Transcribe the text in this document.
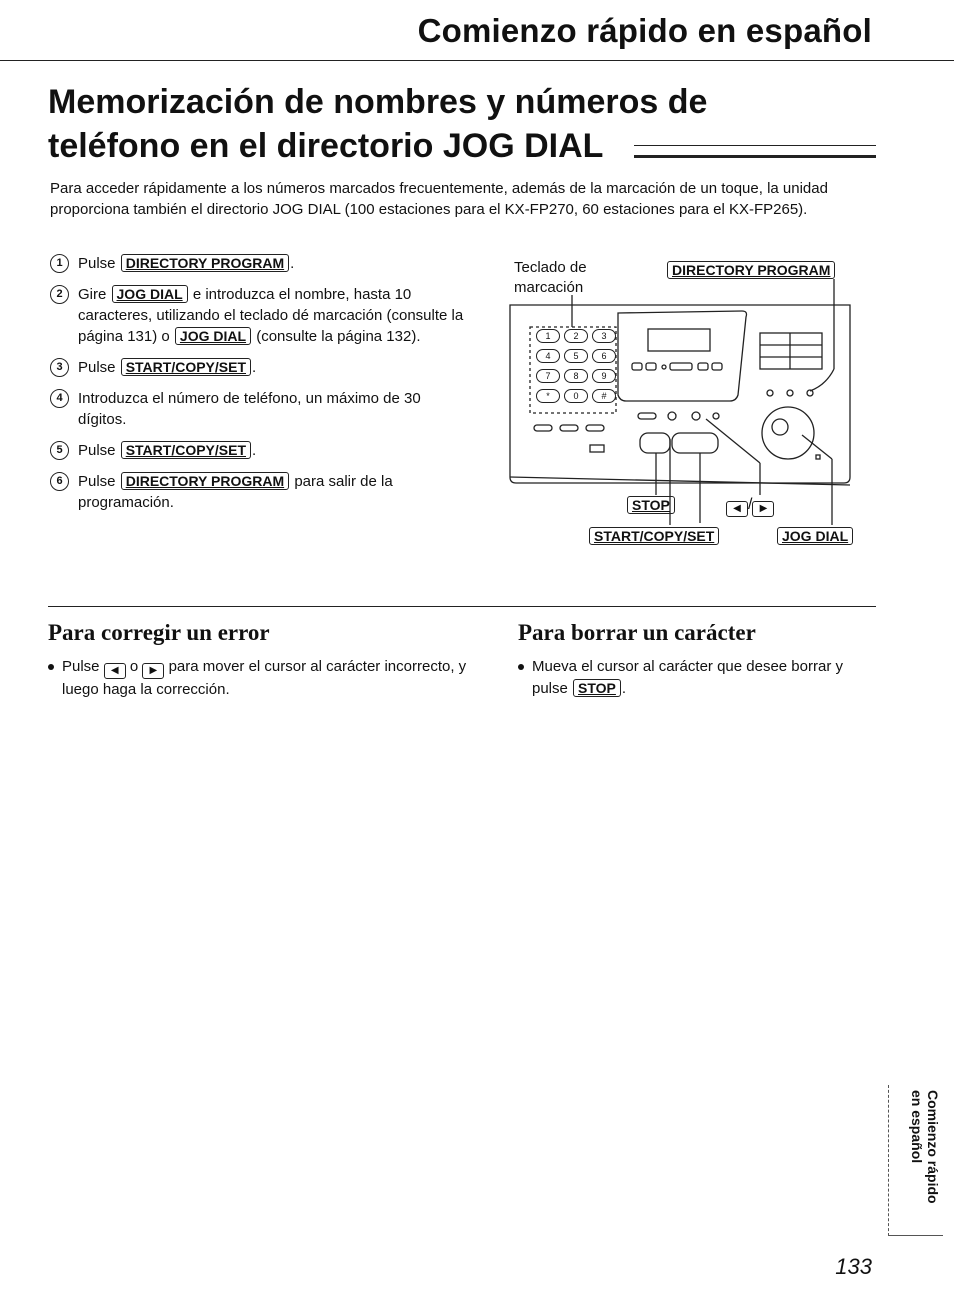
Comienzo rápido en español
Memorización de nombres y números de
teléfono en el directorio JOG DIAL
Para acceder rápidamente a los números marcados frecuentemente, además de la marcación de un toque, la unidad proporciona también el directorio JOG DIAL (100 estaciones para el KX-FP270, 60 estaciones para el KX-FP265).
1	Pulse DIRECTORY PROGRAM .
2	Gire JOG DIAL e introduzca el nombre, hasta 10 caracteres, utilizando el teclado dé marcación (consulte la página 131) o JOG DIAL (consulte la página 132).
3	Pulse START/COPY/SET .
4	Introduzca el número de teléfono, un máximo de 30 dígitos.
5	Pulse START/COPY/SET .
6	Pulse DIRECTORY PROGRAM para salir de la programación.
1	2	3
4	5	6
7	8	9
*	0	#
Teclado de
marcación
DIRECTORY PROGRAM
STOP	◀ / ▶
START/COPY/SET	JOG DIAL
Para corregir un error
Pulse ◀ o ▶ para mover el cursor al carácter incorrecto, y luego haga la corrección.
Para borrar un carácter
Mueva el cursor al carácter que desee borrar y pulse STOP .
Comienzo rápido
en español
133
